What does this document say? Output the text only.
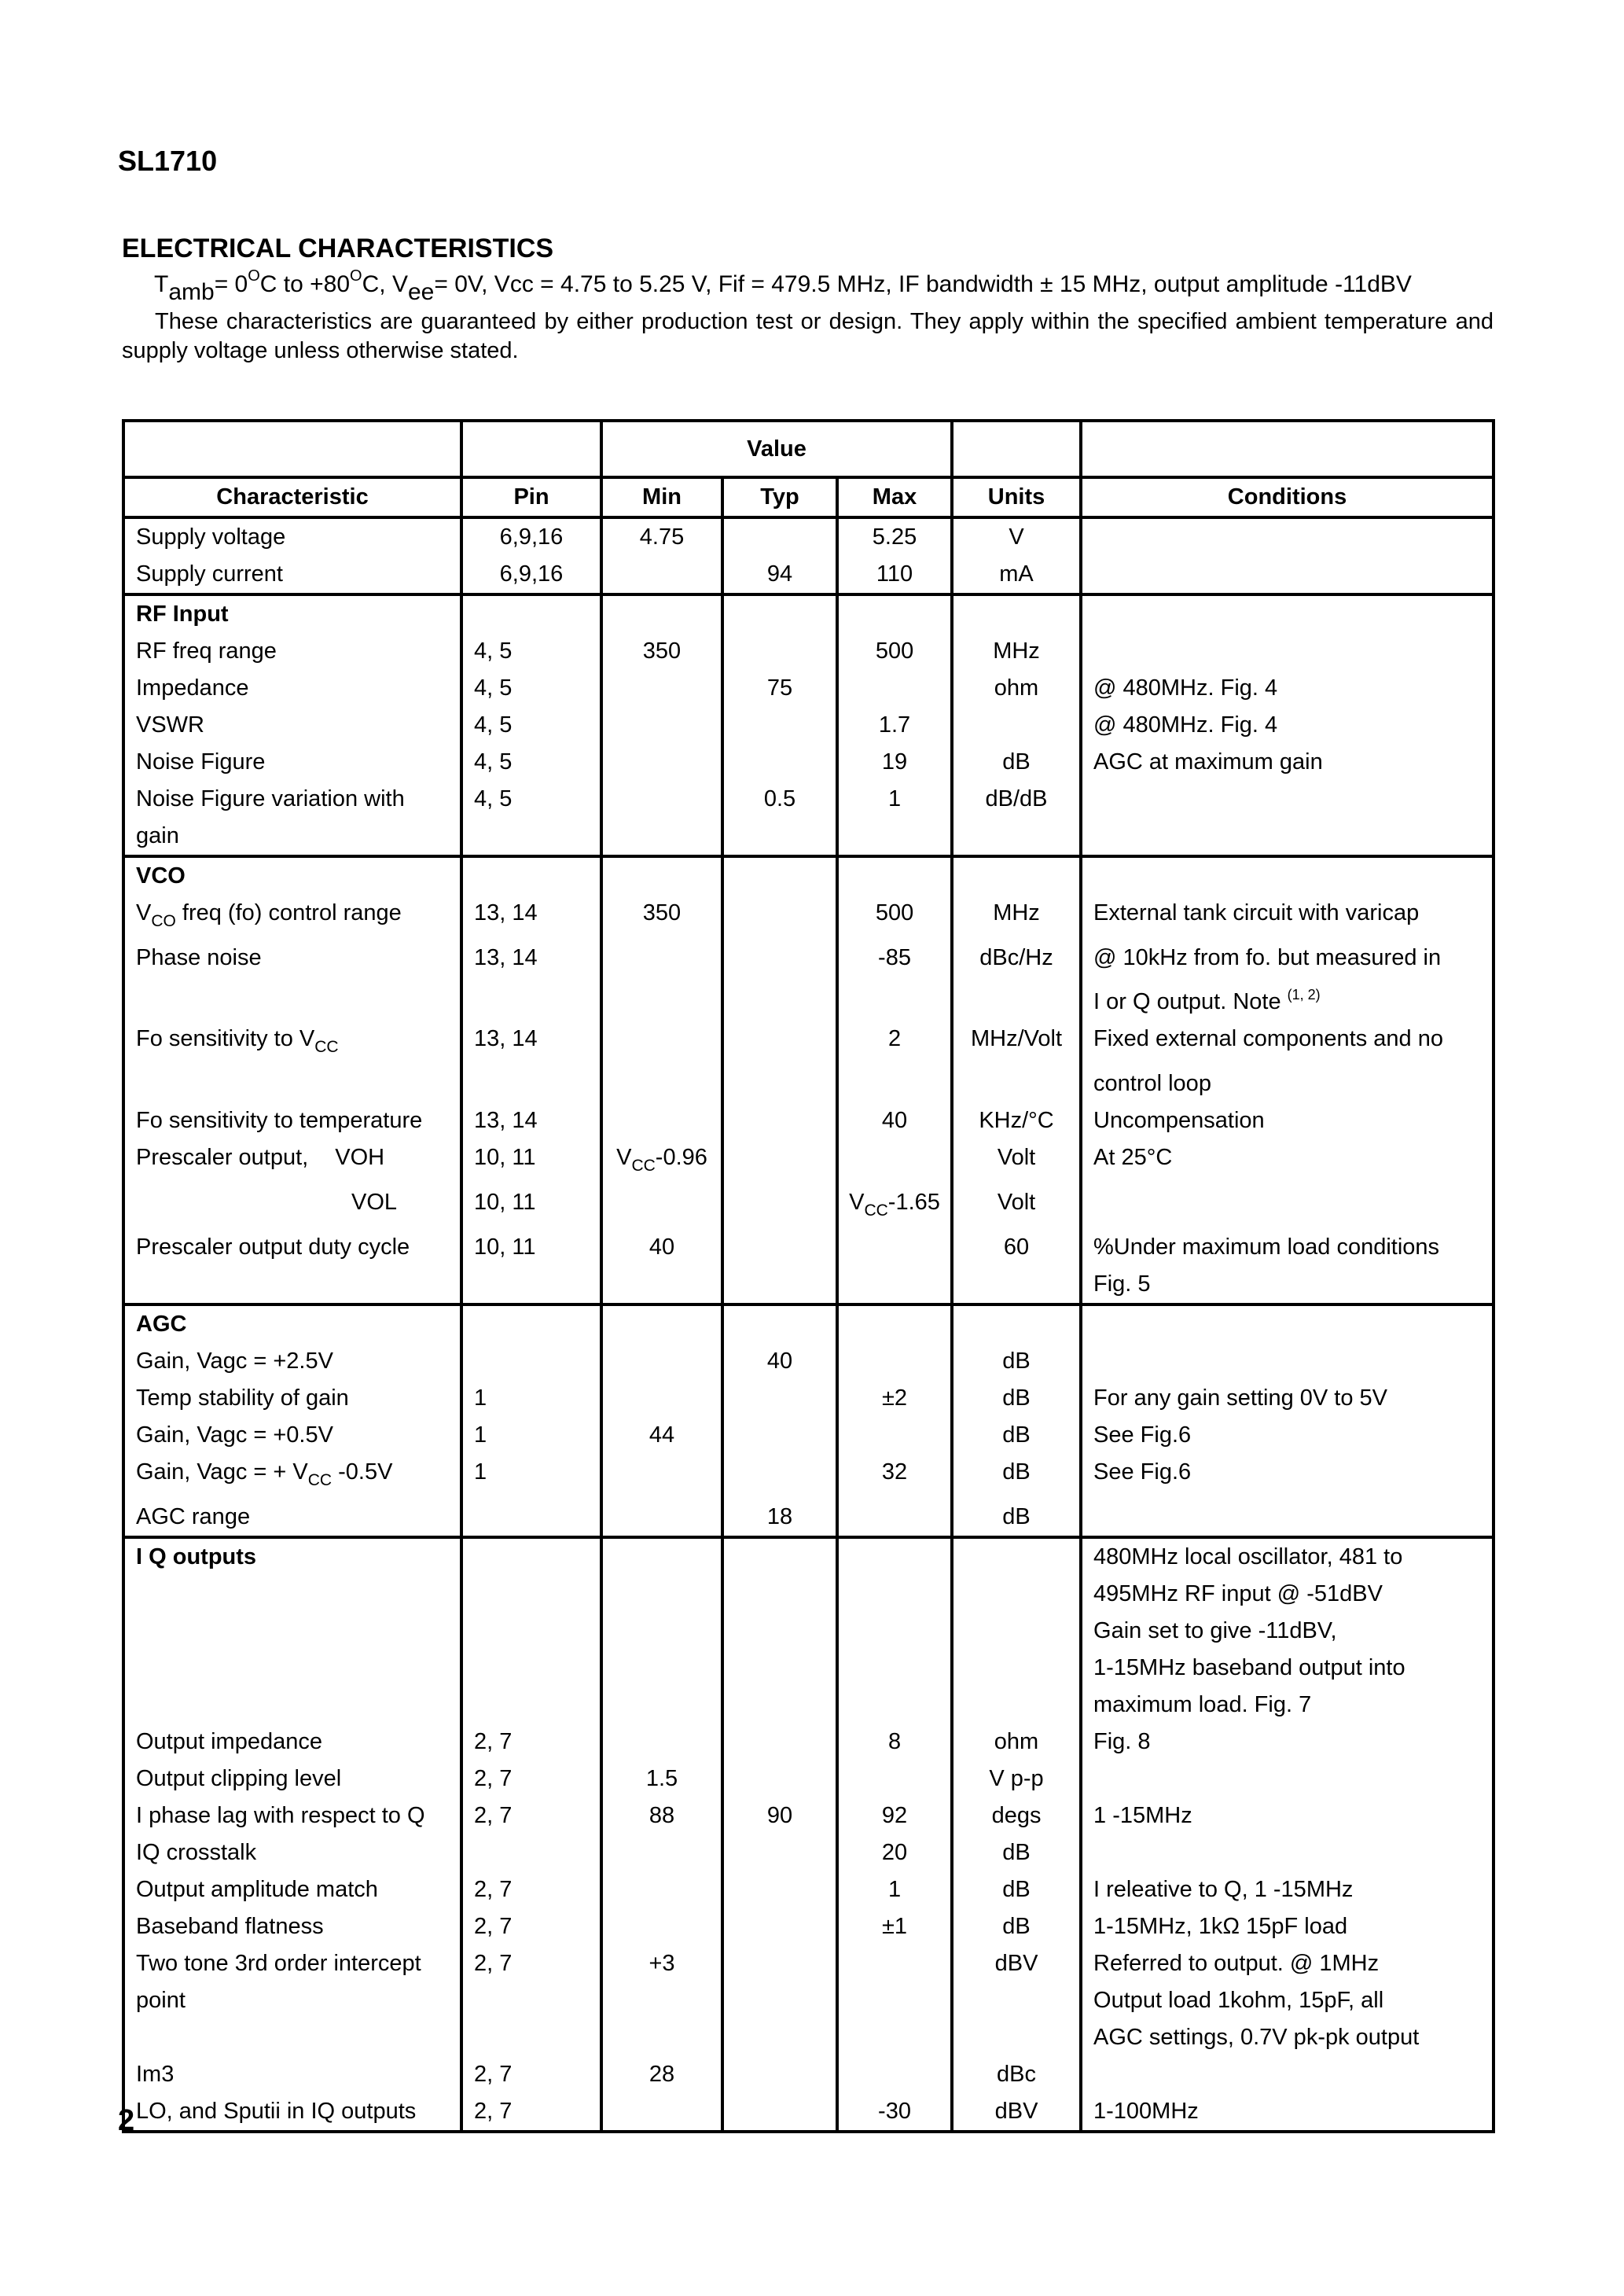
SL1710
ELECTRICAL CHARACTERISTICS
$T_{amb}= 0^OC$ to $+80^OC$, $V_{ee}= 0V$, Vcc = 4.75 to 5.25 V, Fif = 479.5 MHz, IF bandwidth ± 15 MHz, output amplitude -11dBV
These characteristics are guaranteed by either production test or design. They apply within the specified ambient temperature and supply voltage unless otherwise stated.
		Value				
Characteristic	Pin	Min	Typ	Max	Units	Conditions
Supply voltage	6,9,16	4.75		5.25	V	
Supply current	6,9,16		94	110	mA	
RF Input						
RF freq range	4, 5	350		500	MHz	
Impedance	4, 5		75		ohm	@ 480MHz. Fig. 4
VSWR	4, 5			1.7		@ 480MHz. Fig. 4
Noise Figure	4, 5			19	dB	AGC at maximum gain
Noise Figure variation with	4, 5		0.5	1	dB/dB	
gain						
VCO						
$V_{CO}$ freq (fo) control range	13, 14	350		500	MHz	External tank circuit with varicap
Phase noise	13, 14			-85	dBc/Hz	@ 10kHz from fo. but measured in
						I or Q output. Note $^{(1, 2)}$
Fo sensitivity to $V_{CC}$	13, 14			2	MHz/Volt	Fixed external components and no
						control loop
Fo sensitivity to temperature	13, 14			40	KHz/°C	Uncompensation
Prescaler output, VOH	10, 11	$V_{CC}-0.96$			Volt	At 25°C
VOL	10, 11			$V_{CC}-1.65$	Volt	
Prescaler output duty cycle	10, 11	40			60	%Under maximum load conditions
						Fig. 5
AGC						
Gain, Vagc = +2.5V			40		dB	
Temp stability of gain	1			±2	dB	For any gain setting 0V to 5V
Gain, Vagc = +0.5V	1	44			dB	See Fig.6
Gain, Vagc = + $V_{CC}$ -0.5V	1			32	dB	See Fig.6
AGC range			18		dB	
I Q outputs						480MHz local oscillator, 481 to
						495MHz RF input @ -51dBV
						Gain set to give -11dBV,
						1-15MHz baseband output into
						maximum load. Fig. 7
Output impedance	2, 7			8	ohm	Fig. 8
Output clipping level	2, 7	1.5			V p-p	
I phase lag with respect to Q	2, 7	88	90	92	degs	1 -15MHz
IQ crosstalk				20	dB	
Output amplitude match	2, 7			1	dB	I releative to Q, 1 -15MHz
Baseband flatness	2, 7			±1	dB	1-15MHz, 1kΩ 15pF load
Two tone 3rd order intercept	2, 7	+3			dBV	Referred to output. @ 1MHz
point						Output load 1kohm, 15pF, all
						AGC settings, 0.7V pk-pk output
Im3	2, 7	28			dBc	
LO, and Sputii in IQ outputs	2, 7			-30	dBV	1-100MHz
2
